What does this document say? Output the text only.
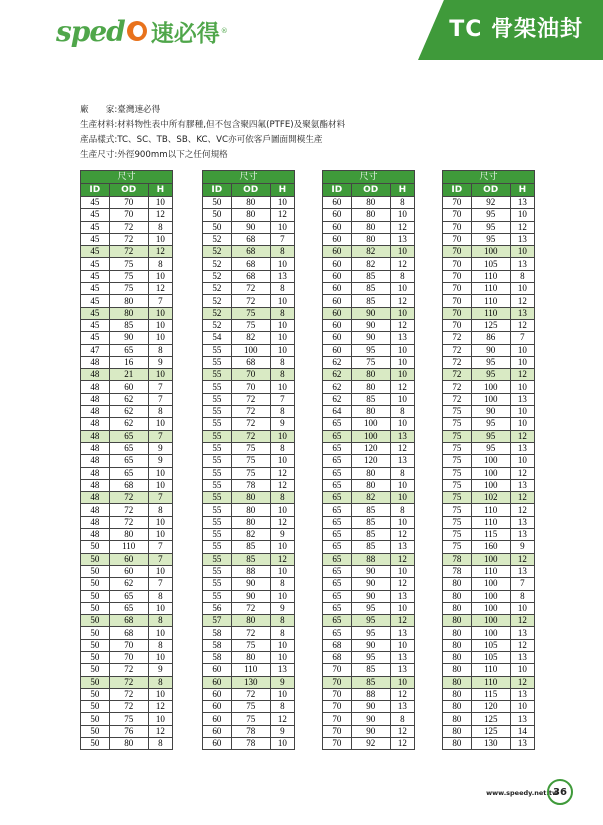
sped 速必得 ®	TC 骨架油封
廠　　家:臺灣速必得
生產材料:材料物性表中所有膠種,但不包含聚四氟(PTFE)及聚氨酯材料
產品樣式:TC、SC、TB、SB、KC、VC亦可依客戶圖面開模生產
生產尺寸:外徑900mm以下之任何規格
尺寸		
ID	OD	H
45	70	10
45	70	12
45	72	8
45	72	10
45	72	12
45	75	8
45	75	10
45	75	12
45	80	7
45	80	10
45	85	10
45	90	10
47	65	8
48	16	9
48	21	10
48	60	7
48	62	7
48	62	8
48	62	10
48	65	7
48	65	9
48	65	9
48	65	10
48	68	10
48	72	7
48	72	8
48	72	10
48	80	10
50	110	7
50	60	7
50	60	10
50	62	7
50	65	8
50	65	10
50	68	8
50	68	10
50	70	8
50	70	10
50	72	9
50	72	8
50	72	10
50	72	12
50	75	10
50	76	12
50	80	8
尺寸		
ID	OD	H
50	80	10
50	80	12
50	90	10
52	68	7
52	68	8
52	68	10
52	68	13
52	72	8
52	72	10
52	75	8
52	75	10
54	82	10
55	100	10
55	68	8
55	70	8
55	70	10
55	72	7
55	72	8
55	72	9
55	72	10
55	75	8
55	75	10
55	75	12
55	78	12
55	80	8
55	80	10
55	80	12
55	82	9
55	85	10
55	85	12
55	88	10
55	90	8
55	90	10
56	72	9
57	80	8
58	72	8
58	75	10
58	80	10
60	110	13
60	130	9
60	72	10
60	75	8
60	75	12
60	78	9
60	78	10
尺寸		
ID	OD	H
60	80	8
60	80	10
60	80	12
60	80	13
60	82	10
60	82	12
60	85	8
60	85	10
60	85	12
60	90	10
60	90	12
60	90	13
60	95	10
62	75	10
62	80	10
62	80	12
62	85	10
64	80	8
65	100	10
65	100	13
65	120	12
65	120	13
65	80	8
65	80	10
65	82	10
65	85	8
65	85	10
65	85	12
65	85	13
65	88	12
65	90	10
65	90	12
65	90	13
65	95	10
65	95	12
65	95	13
68	90	10
68	95	13
70	85	13
70	85	10
70	88	12
70	90	13
70	90	8
70	90	12
70	92	12
尺寸		
ID	OD	H
70	92	13
70	95	10
70	95	12
70	95	13
70	100	10
70	105	13
70	110	8
70	110	10
70	110	12
70	110	13
70	125	12
72	86	7
72	90	10
72	95	10
72	95	12
72	100	10
72	100	13
75	90	10
75	95	10
75	95	12
75	95	13
75	100	10
75	100	12
75	100	13
75	102	12
75	110	12
75	110	13
75	115	13
75	160	9
78	100	12
78	110	13
80	100	7
80	100	8
80	100	10
80	100	12
80	100	13
80	105	12
80	105	13
80	110	10
80	110	12
80	115	13
80	120	10
80	125	13
80	125	14
80	130	13
www.speedy.net.tw
36
